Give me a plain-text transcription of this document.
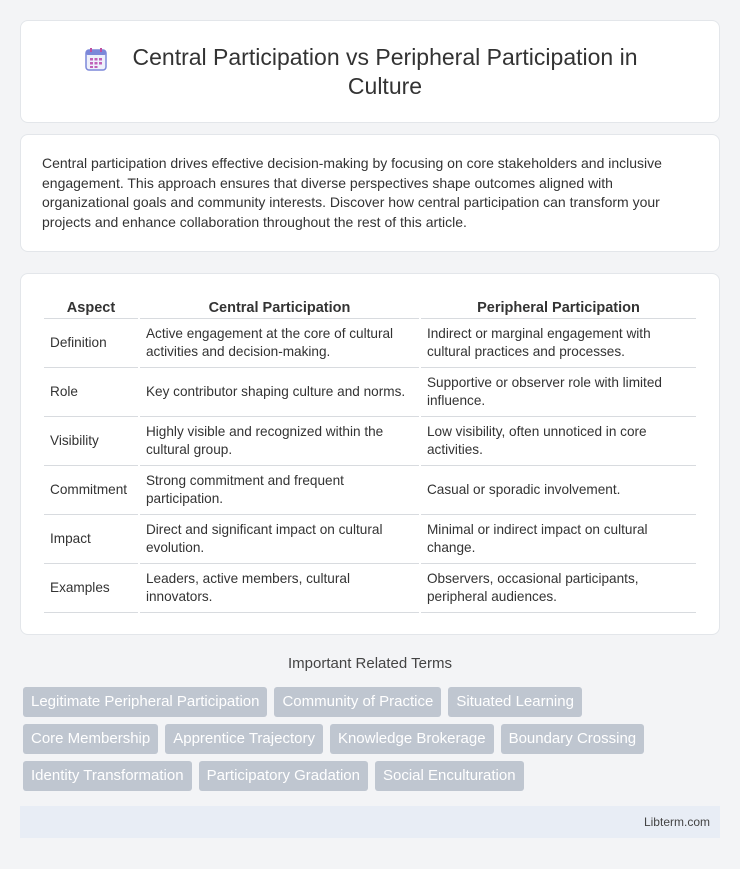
Central Participation vs Peripheral Participation in Culture

Central participation drives effective decision-making by focusing on core stakeholders and inclusive engagement. This approach ensures that diverse perspectives shape outcomes aligned with organizational goals and community interests. Discover how central participation can transform your projects and enhance collaboration throughout the rest of this article.

Aspect	Central Participation	Peripheral Participation
Definition	Active engagement at the core of cultural activities and decision-making.	Indirect or marginal engagement with cultural practices and processes.
Role	Key contributor shaping culture and norms.	Supportive or observer role with limited influence.
Visibility	Highly visible and recognized within the cultural group.	Low visibility, often unnoticed in core activities.
Commitment	Strong commitment and frequent participation.	Casual or sporadic involvement.
Impact	Direct and significant impact on cultural evolution.	Minimal or indirect impact on cultural change.
Examples	Leaders, active members, cultural innovators.	Observers, occasional participants, peripheral audiences.
Important Related Terms
Legitimate Peripheral Participation	Community of Practice	Situated Learning
Core Membership	Apprentice Trajectory	Knowledge Brokerage	Boundary Crossing
Identity Transformation	Participatory Gradation	Social Enculturation
Libterm.com
